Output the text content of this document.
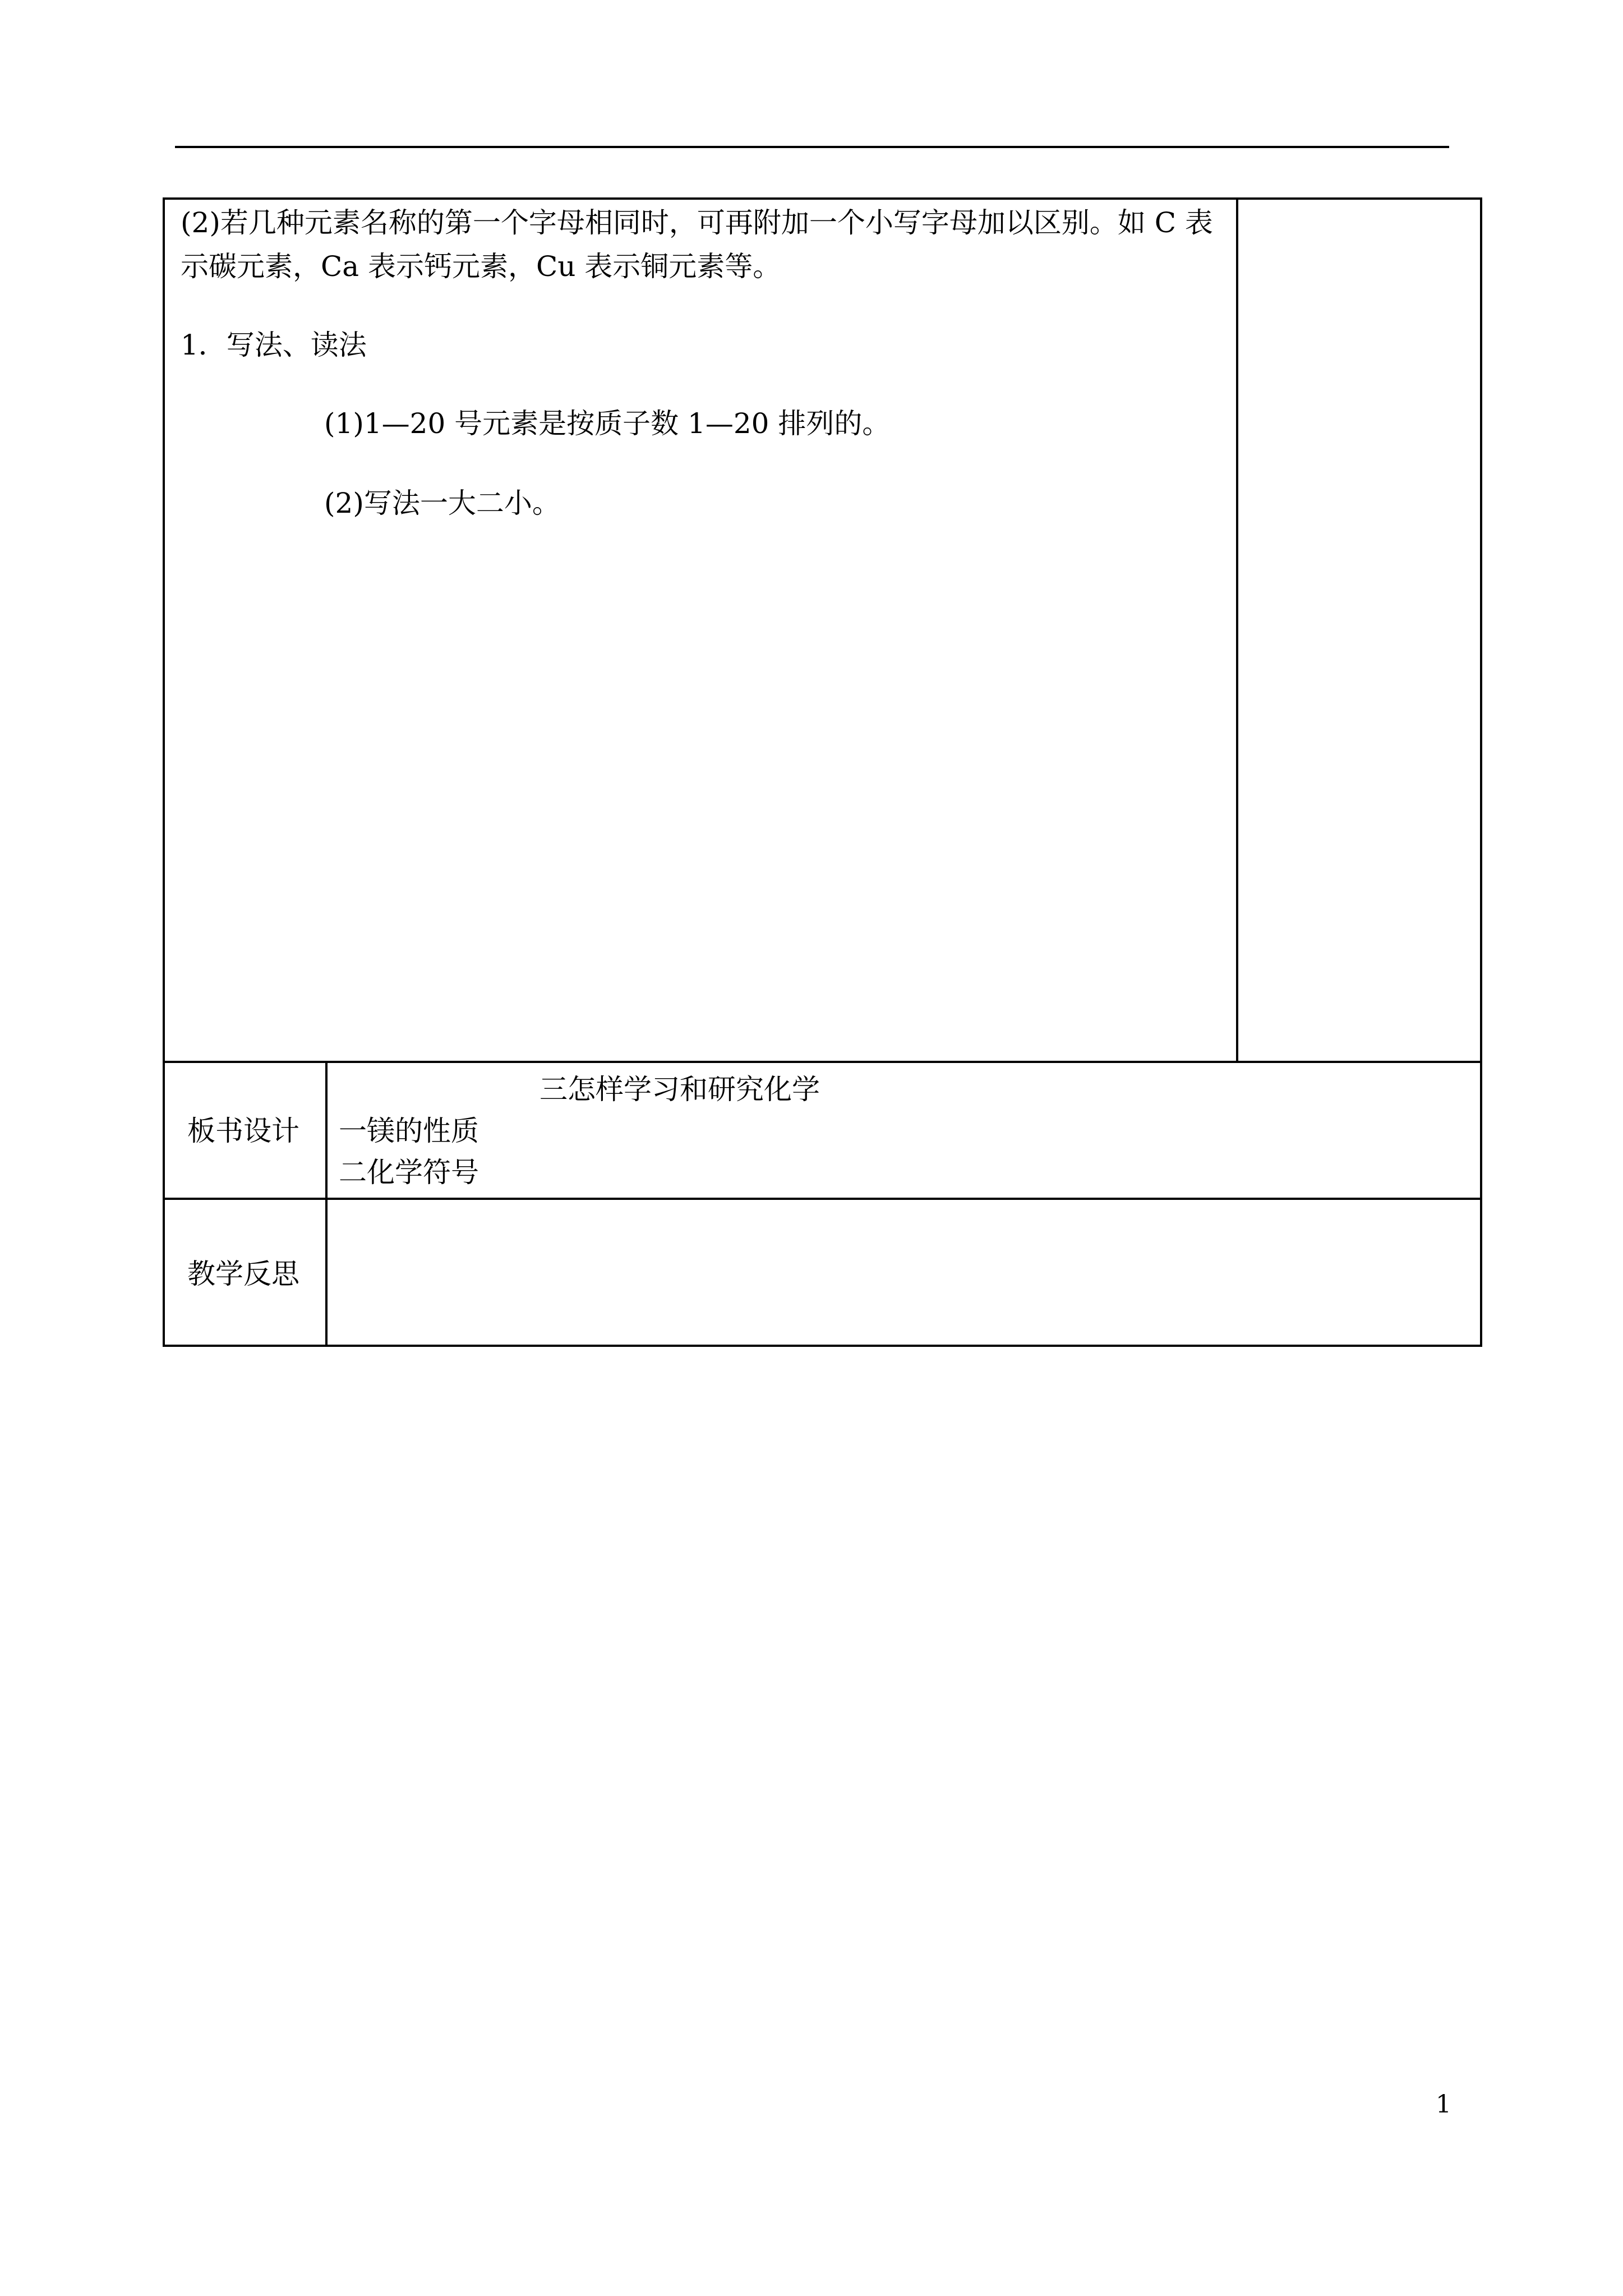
(2)若几种元素名称的第一个字母相同时，可再附加一个小写字母加以区别。如 C 表
示碳元素，Ca 表示钙元素，Cu 表示铜元素等。
1．写法、读法
(1)1—20 号元素是按质子数 1—20 排列的。
(2)写法一大二小。
板书设计
三怎样学习和研究化学
一镁的性质
二化学符号
教学反思
1
